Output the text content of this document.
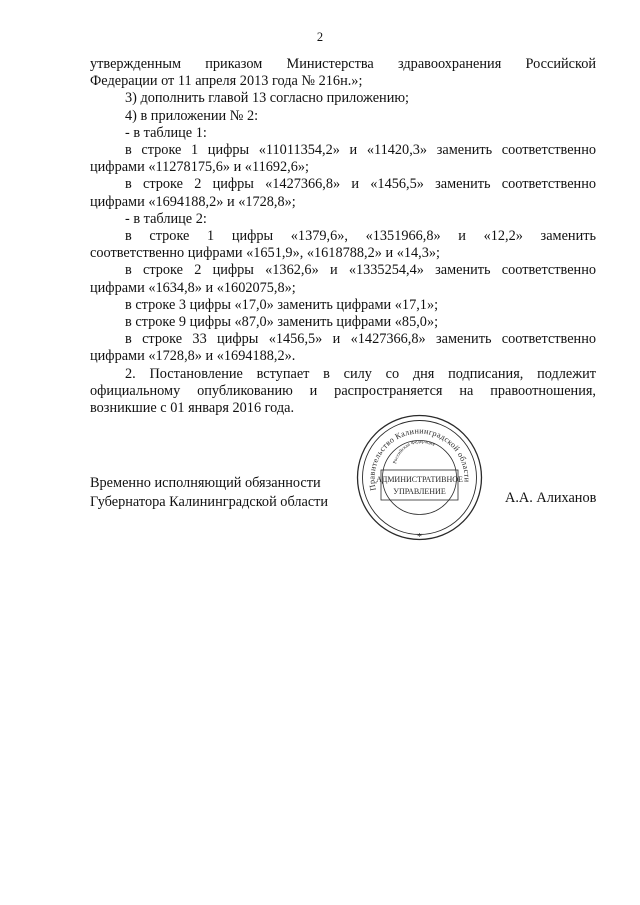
2

утвержденным приказом Министерства здравоохранения Российской

Федерации от 11 апреля 2013 года № 216н.»;

3) дополнить главой 13 согласно приложению;

4) в приложении № 2:

- в таблице 1:

в строке 1 цифры «11011354,2» и «11420,3» заменить соответственно

цифрами «11278175,6» и «11692,6»;

в строке 2 цифры «1427366,8» и «1456,5» заменить соответственно

цифрами «1694188,2» и «1728,8»;

- в таблице 2:

в строке 1 цифры «1379,6», «1351966,8» и «12,2» заменить

соответственно цифрами «1651,9», «1618788,2» и «14,3»;

в строке 2 цифры «1362,6» и «1335254,4» заменить соответственно

цифрами «1634,8» и «1602075,8»;

в строке 3 цифры «17,0» заменить цифрами «17,1»;

в строке 9 цифры «87,0» заменить цифрами «85,0»;

в строке 33 цифры «1456,5» и «1427366,8» заменить соответственно

цифрами «1728,8» и «1694188,2».

2. Постановление вступает в силу со дня подписания, подлежит

официальному опубликованию и распространяется на правоотношения,

возникшие с 01 января 2016 года.

Временно исполняющий обязанности
Губернатора Калининградской области
Правительство Калининградской области
Российская Федерация
АДМИНИСТРАТИВНОЕ
УПРАВЛЕНИЕ
*
А.А. Алиханов
